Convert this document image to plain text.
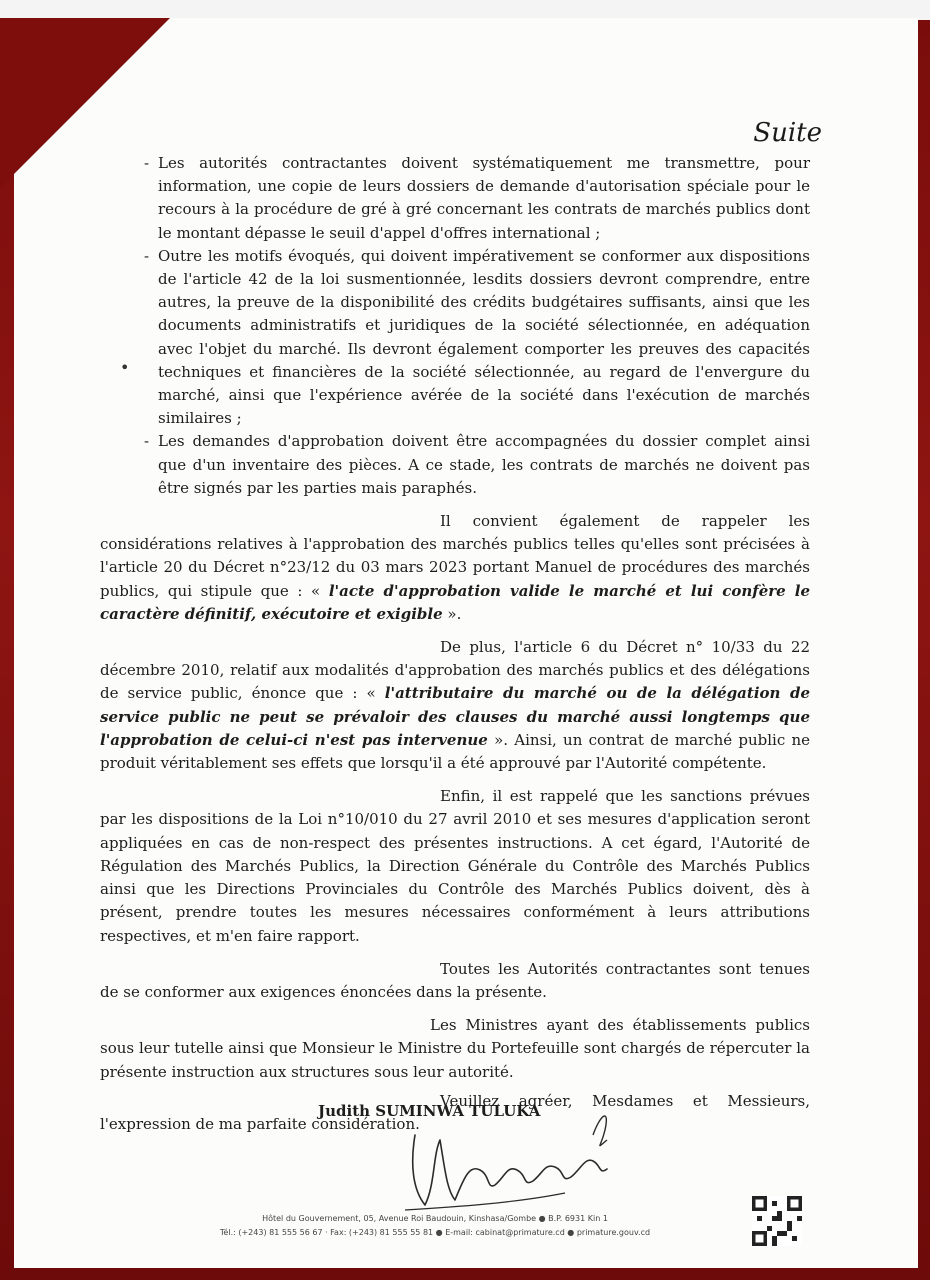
Suite
•

- Les autorités contractantes doivent systématiquement me transmettre, pour information, une copie de leurs dossiers de demande d'autorisation spéciale pour le recours à la procédure de gré à gré concernant les contrats de marchés publics dont le montant dépasse le seuil d'appel d'offres international ;

- Outre les motifs évoqués, qui doivent impérativement se conformer aux dispositions de l'article 42 de la loi susmentionnée, lesdits dossiers devront comprendre, entre autres, la preuve de la disponibilité des crédits budgétaires suffisants, ainsi que les documents administratifs et juridiques de la société sélectionnée, en adéquation avec l'objet du marché. Ils devront également comporter les preuves des capacités techniques et financières de la société sélectionnée, au regard de l'envergure du marché, ainsi que l'expérience avérée de la société dans l'exécution de marchés similaires ;

- Les demandes d'approbation doivent être accompagnées du dossier complet ainsi que d'un inventaire des pièces. A ce stade, les contrats de marchés ne doivent pas être signés par les parties mais paraphés.

Il convient également de rappeler les considérations relatives à l'approbation des marchés publics telles qu'elles sont précisées à l'article 20 du Décret n°23/12 du 03 mars 2023 portant Manuel de procédures des marchés publics, qui stipule que : « l'acte d'approbation valide le marché et lui confère le caractère définitif, exécutoire et exigible ».

De plus, l'article 6 du Décret n° 10/33 du 22 décembre 2010, relatif aux modalités d'approbation des marchés publics et des délégations de service public, énonce que : « l'attributaire du marché ou de la délégation de service public ne peut se prévaloir des clauses du marché aussi longtemps que l'approbation de celui-ci n'est pas intervenue ». Ainsi, un contrat de marché public ne produit véritablement ses effets que lorsqu'il a été approuvé par l'Autorité compétente.

Enfin, il est rappelé que les sanctions prévues par les dispositions de la Loi n°10/010 du 27 avril 2010 et ses mesures d'application seront appliquées en cas de non-respect des présentes instructions. A cet égard, l'Autorité de Régulation des Marchés Publics, la Direction Générale du Contrôle des Marchés Publics ainsi que les Directions Provinciales du Contrôle des Marchés Publics doivent, dès à présent, prendre toutes les mesures nécessaires conformément à leurs attributions respectives, et m'en faire rapport.

Toutes les Autorités contractantes sont tenues de se conformer aux exigences énoncées dans la présente.

Les Ministres ayant des établissements publics sous leur tutelle ainsi que Monsieur le Ministre du Portefeuille sont chargés de répercuter la présente instruction aux structures sous leur autorité.

Veuillez agréer, Mesdames et Messieurs, l'expression de ma parfaite considération.

Judith SUMINWA TULUKA
Hôtel du Gouvernement, 05, Avenue Roi Baudouin, Kinshasa/Gombe ● B.P. 6931 Kin 1
Tél.: (+243) 81 555 56 67 · Fax: (+243) 81 555 55 81 ● E-mail: cabinat@primature.cd ● primature.gouv.cd
